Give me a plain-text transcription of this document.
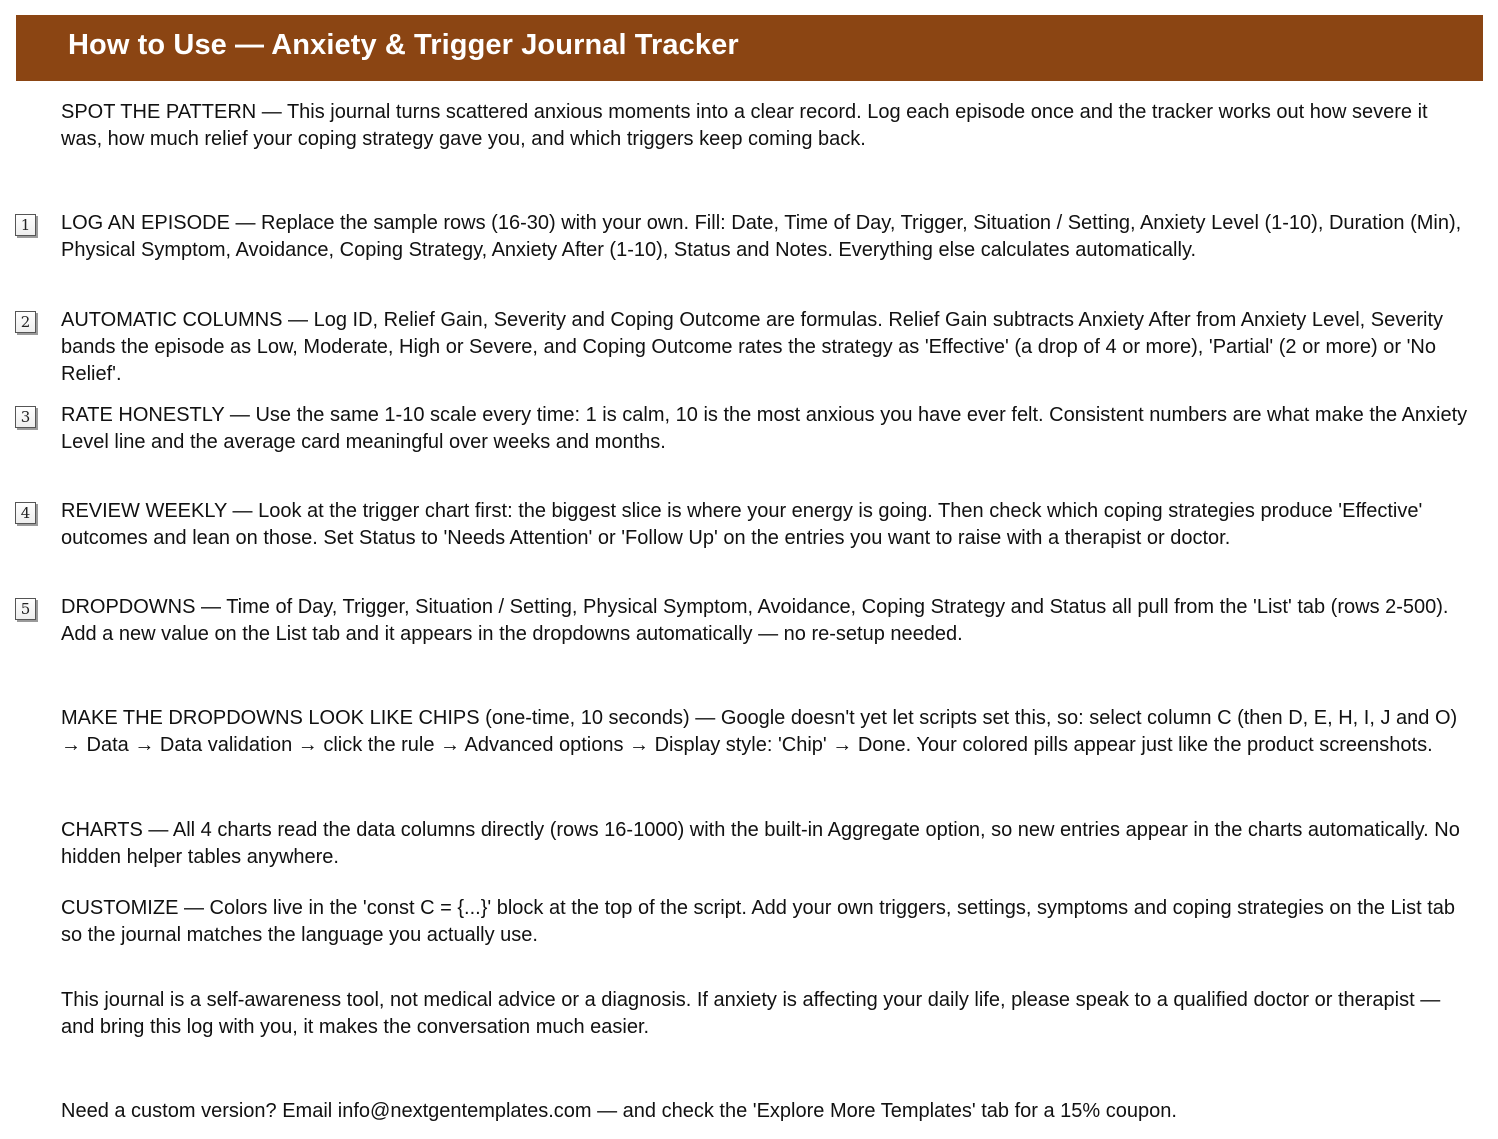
How to Use — Anxiety & Trigger Journal Tracker

SPOT THE PATTERN — This journal turns scattered anxious moments into a clear record. Log each episode once and the tracker works out how severe it was, how much relief your coping strategy gave you, and which triggers keep coming back.

1 LOG AN EPISODE — Replace the sample rows (16-30) with your own. Fill: Date, Time of Day, Trigger, Situation / Setting, Anxiety Level (1-10), Duration (Min), Physical Symptom, Avoidance, Coping Strategy, Anxiety After (1-10), Status and Notes. Everything else calculates automatically.

2 AUTOMATIC COLUMNS — Log ID, Relief Gain, Severity and Coping Outcome are formulas. Relief Gain subtracts Anxiety After from Anxiety Level, Severity bands the episode as Low, Moderate, High or Severe, and Coping Outcome rates the strategy as 'Effective' (a drop of 4 or more), 'Partial' (2 or more) or 'No Relief'.

3 RATE HONESTLY — Use the same 1-10 scale every time: 1 is calm, 10 is the most anxious you have ever felt. Consistent numbers are what make the Anxiety Level line and the average card meaningful over weeks and months.

4 REVIEW WEEKLY — Look at the trigger chart first: the biggest slice is where your energy is going. Then check which coping strategies produce 'Effective' outcomes and lean on those. Set Status to 'Needs Attention' or 'Follow Up' on the entries you want to raise with a therapist or doctor.

5 DROPDOWNS — Time of Day, Trigger, Situation / Setting, Physical Symptom, Avoidance, Coping Strategy and Status all pull from the 'List' tab (rows 2-500). Add a new value on the List tab and it appears in the dropdowns automatically — no re-setup needed.

MAKE THE DROPDOWNS LOOK LIKE CHIPS (one-time, 10 seconds) — Google doesn't yet let scripts set this, so: select column C (then D, E, H, I, J and O) → Data → Data validation → click the rule → Advanced options → Display style: 'Chip' → Done. Your colored pills appear just like the product screenshots.

CHARTS — All 4 charts read the data columns directly (rows 16-1000) with the built-in Aggregate option, so new entries appear in the charts automatically. No hidden helper tables anywhere.

CUSTOMIZE — Colors live in the 'const C = {...}' block at the top of the script. Add your own triggers, settings, symptoms and coping strategies on the List tab so the journal matches the language you actually use.

This journal is a self-awareness tool, not medical advice or a diagnosis. If anxiety is affecting your daily life, please speak to a qualified doctor or therapist — and bring this log with you, it makes the conversation much easier.

Need a custom version? Email info@nextgentemplates.com — and check the 'Explore More Templates' tab for a 15% coupon.
